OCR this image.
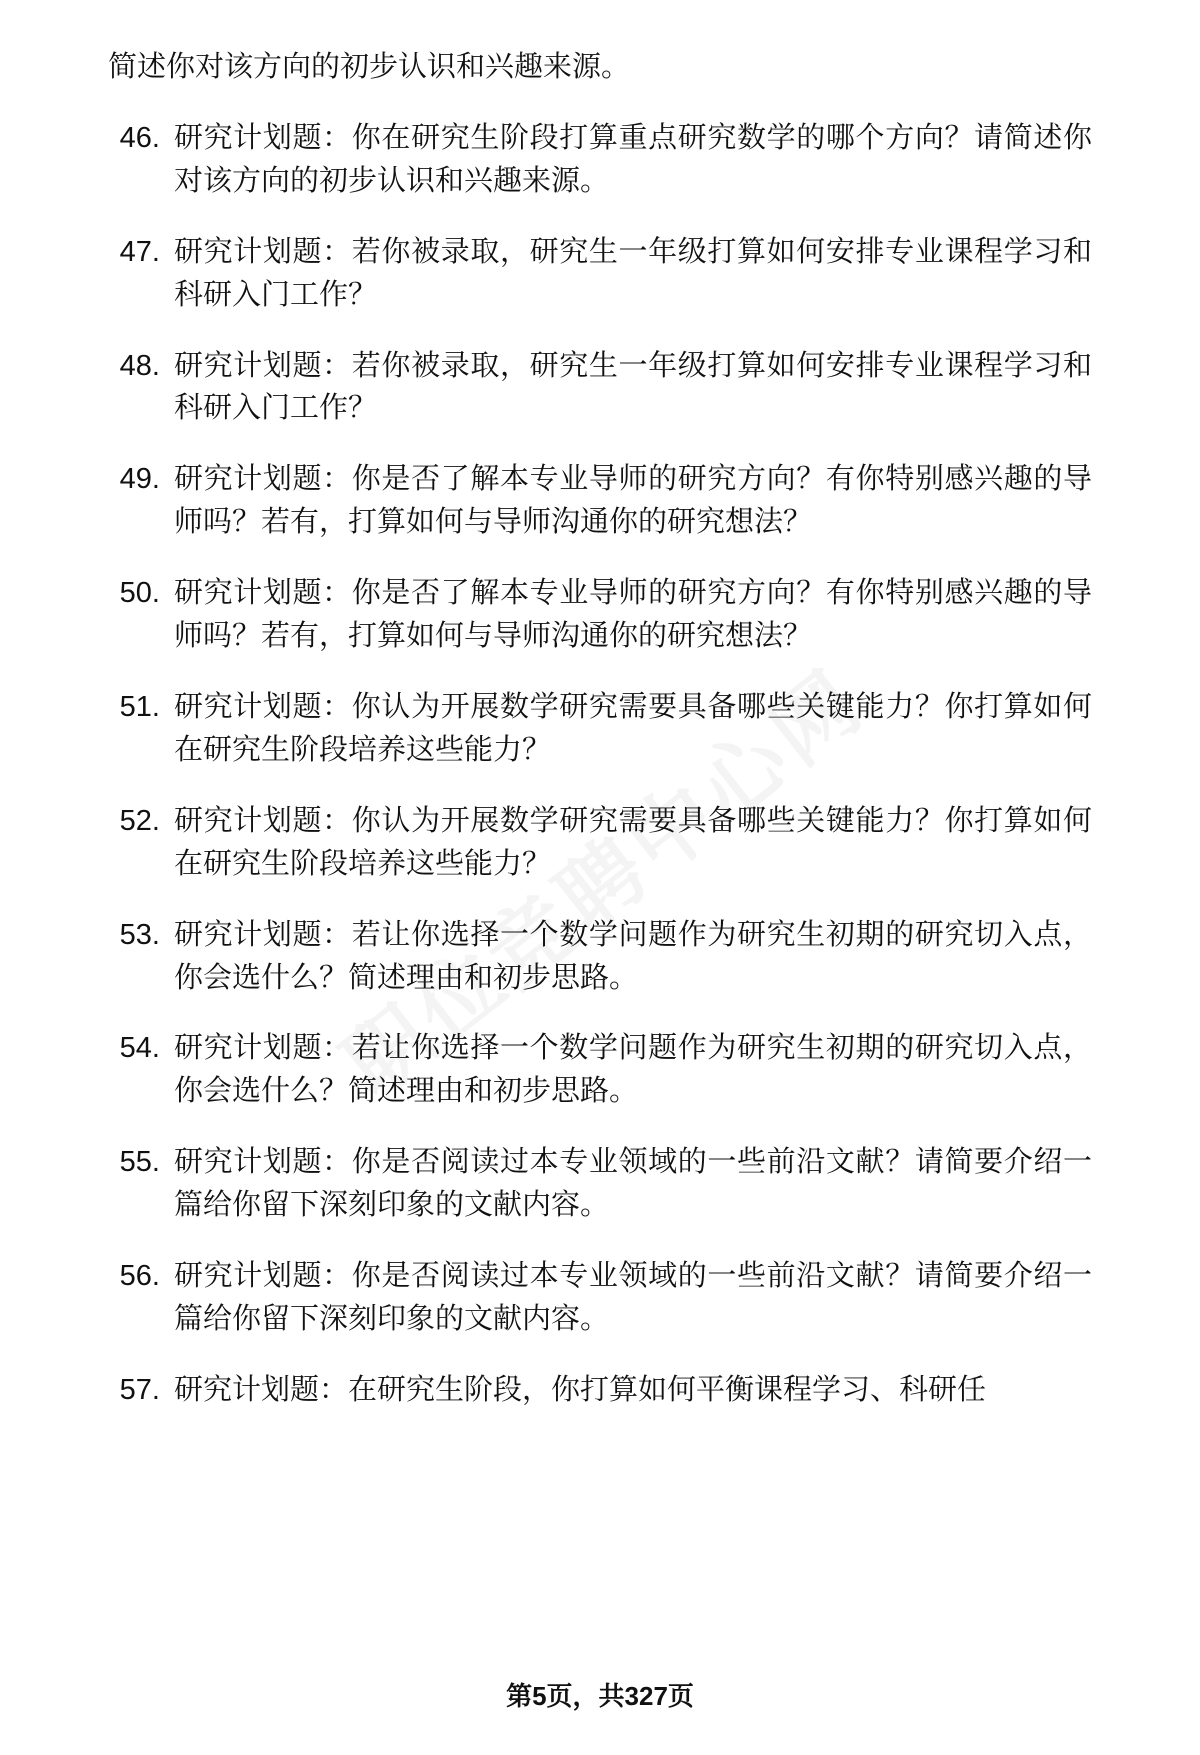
简述你对该方向的初步认识和兴趣来源。

46. 研究计划题：你在研究生阶段打算重点研究数学的哪个方向？请简述你对该方向的初步认识和兴趣来源。
47. 研究计划题：若你被录取，研究生一年级打算如何安排专业课程学习和科研入门工作？
48. 研究计划题：若你被录取，研究生一年级打算如何安排专业课程学习和科研入门工作？
49. 研究计划题：你是否了解本专业导师的研究方向？有你特别感兴趣的导师吗？若有，打算如何与导师沟通你的研究想法？
50. 研究计划题：你是否了解本专业导师的研究方向？有你特别感兴趣的导师吗？若有，打算如何与导师沟通你的研究想法？
51. 研究计划题：你认为开展数学研究需要具备哪些关键能力？你打算如何在研究生阶段培养这些能力？
52. 研究计划题：你认为开展数学研究需要具备哪些关键能力？你打算如何在研究生阶段培养这些能力？
53. 研究计划题：若让你选择一个数学问题作为研究生初期的研究切入点，你会选什么？简述理由和初步思路。
54. 研究计划题：若让你选择一个数学问题作为研究生初期的研究切入点，你会选什么？简述理由和初步思路。
55. 研究计划题：你是否阅读过本专业领域的一些前沿文献？请简要介绍一篇给你留下深刻印象的文献内容。
56. 研究计划题：你是否阅读过本专业领域的一些前沿文献？请简要介绍一篇给你留下深刻印象的文献内容。
57. 研究计划题：在研究生阶段，你打算如何平衡课程学习、科研任
第5页，共327页
